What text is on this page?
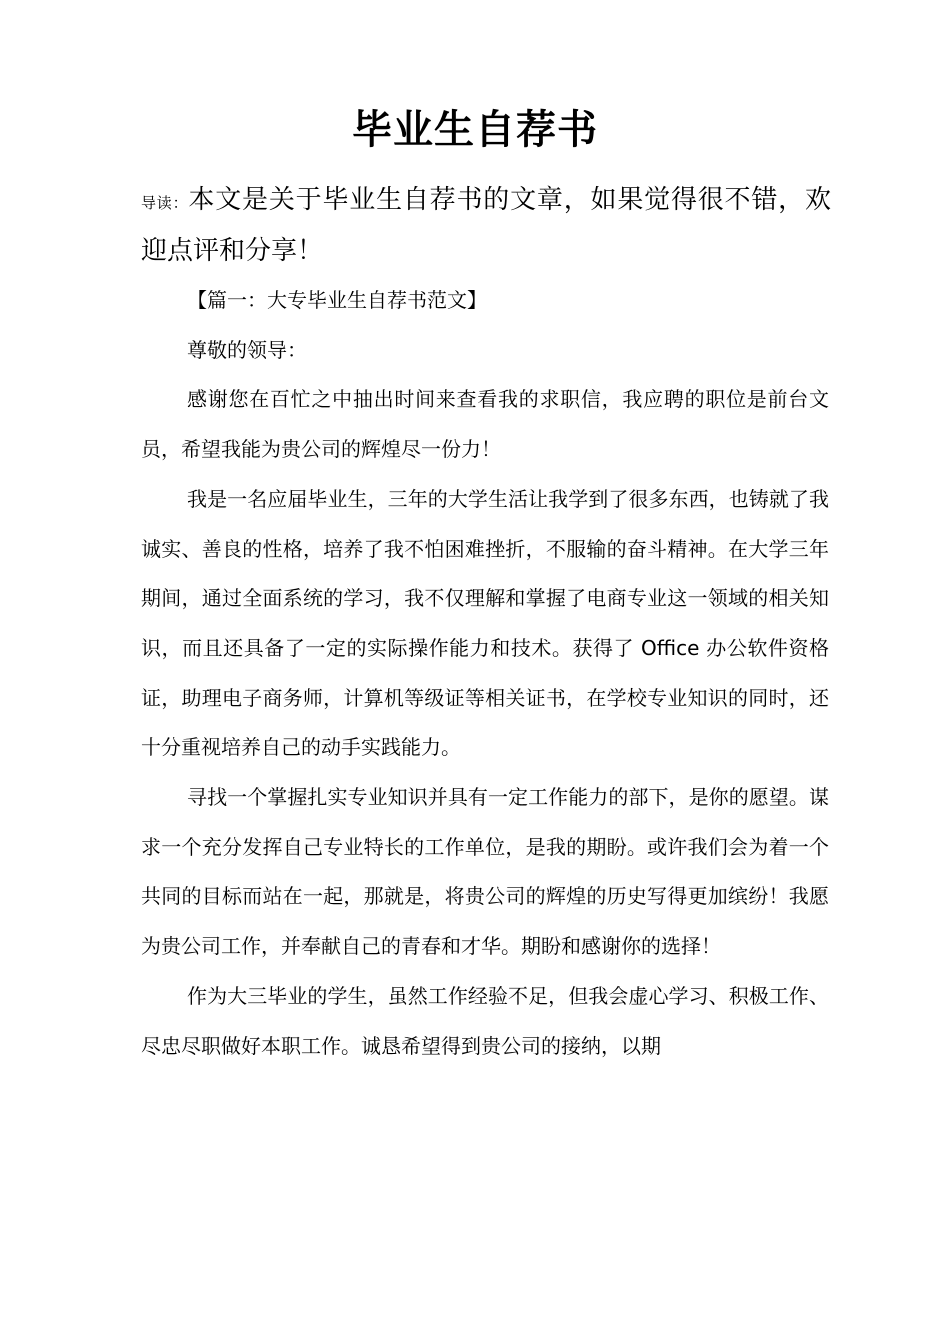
毕业生自荐书
导读：本文是关于毕业生自荐书的文章，如果觉得很不错，欢迎点评和分享！

【篇一：大专毕业生自荐书范文】

尊敬的领导：

感谢您在百忙之中抽出时间来查看我的求职信，我应聘的职位是前台文员，希望我能为贵公司的辉煌尽一份力！

我是一名应届毕业生，三年的大学生活让我学到了很多东西，也铸就了我诚实、善良的性格，培养了我不怕困难挫折，不服输的奋斗精神。在大学三年期间，通过全面系统的学习，我不仅理解和掌握了电商专业这一领域的相关知识，而且还具备了一定的实际操作能力和技术。获得了 Office 办公软件资格证，助理电子商务师，计算机等级证等相关证书，在学校专业知识的同时，还十分重视培养自己的动手实践能力。

寻找一个掌握扎实专业知识并具有一定工作能力的部下，是你的愿望。谋求一个充分发挥自己专业特长的工作单位，是我的期盼。或许我们会为着一个共同的目标而站在一起，那就是，将贵公司的辉煌的历史写得更加缤纷！我愿为贵公司工作，并奉献自己的青春和才华。期盼和感谢你的选择！

作为大三毕业的学生，虽然工作经验不足，但我会虚心学习、积极工作、尽忠尽职做好本职工作。诚恳希望得到贵公司的接纳，以期
